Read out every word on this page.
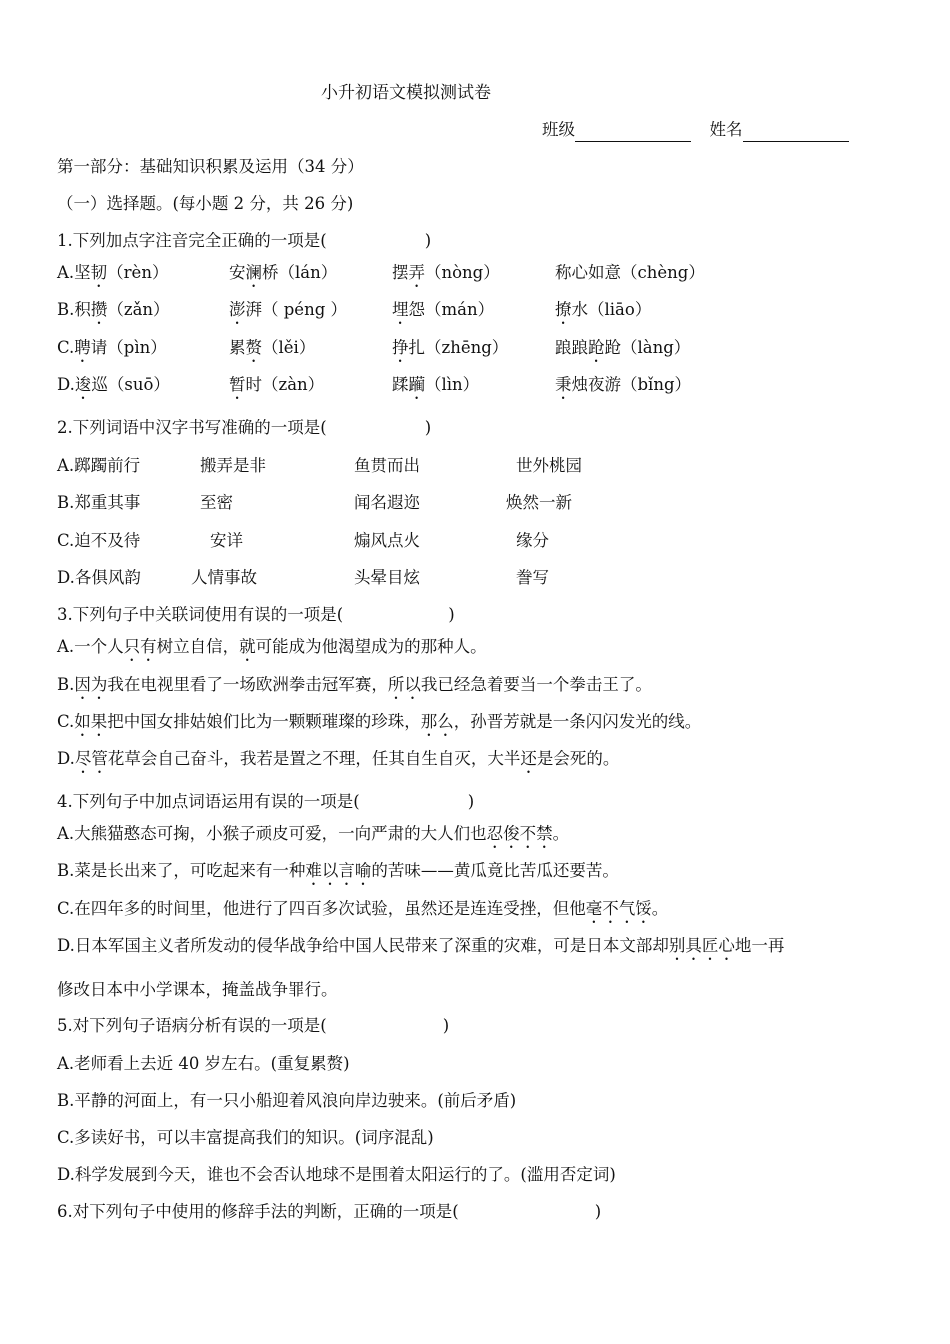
小升初语文模拟测试卷
班级	姓名
第一部分：基础知识积累及运用（34 分）
（一）选择题。(每小题 2 分，共 26 分)
1.下列加点字注音完全正确的一项是(	)
A.坚韧（rèn）	安澜桥（lán）	摆弄（nòng）	称心如意（chèng）
B.积攒（zǎn）	澎湃（ péng ）	埋怨（mán）	撩水（liāo）
C.聘请（pìn）	累赘（lěi）	挣扎（zhēng）	踉踉跄跄（làng）
D.逡巡（suō）	暂时（zàn）	蹂躏（lìn）	秉烛夜游（bǐng）
2.下列词语中汉字书写准确的一项是(	)
A.踯躅前行	搬弄是非	鱼贯而出	世外桃园
B.郑重其事	至密	闻名遐迩	焕然一新
C.迫不及待	安详	煽风点火	缘分
D.各俱风韵	人情事故	头晕目炫	誊写
3.下列句子中关联词使用有误的一项是(	)
A.一个人只有树立自信，就可能成为他渴望成为的那种人。
B.因为我在电视里看了一场欧洲拳击冠军赛，所以我已经急着要当一个拳击王了。
C.如果把中国女排姑娘们比为一颗颗璀璨的珍珠，那么，孙晋芳就是一条闪闪发光的线。
D.尽管花草会自己奋斗，我若是置之不理，任其自生自灭，大半还是会死的。
4.下列句子中加点词语运用有误的一项是(	)
A.大熊猫憨态可掬，小猴子顽皮可爱，一向严肃的大人们也忍俊不禁。
B.菜是长出来了，可吃起来有一种难以言喻的苦味——黄瓜竟比苦瓜还要苦。
C.在四年多的时间里，他进行了四百多次试验，虽然还是连连受挫，但他毫不气馁。
D.日本军国主义者所发动的侵华战争给中国人民带来了深重的灾难，可是日本文部却别具匠心地一再
修改日本中小学课本，掩盖战争罪行。
5.对下列句子语病分析有误的一项是(	)
A.老师看上去近 40 岁左右。(重复累赘)
B.平静的河面上，有一只小船迎着风浪向岸边驶来。(前后矛盾)
C.多读好书，可以丰富提高我们的知识。(词序混乱)
D.科学发展到今天，谁也不会否认地球不是围着太阳运行的了。(滥用否定词)
6.对下列句子中使用的修辞手法的判断，正确的一项是(	)
